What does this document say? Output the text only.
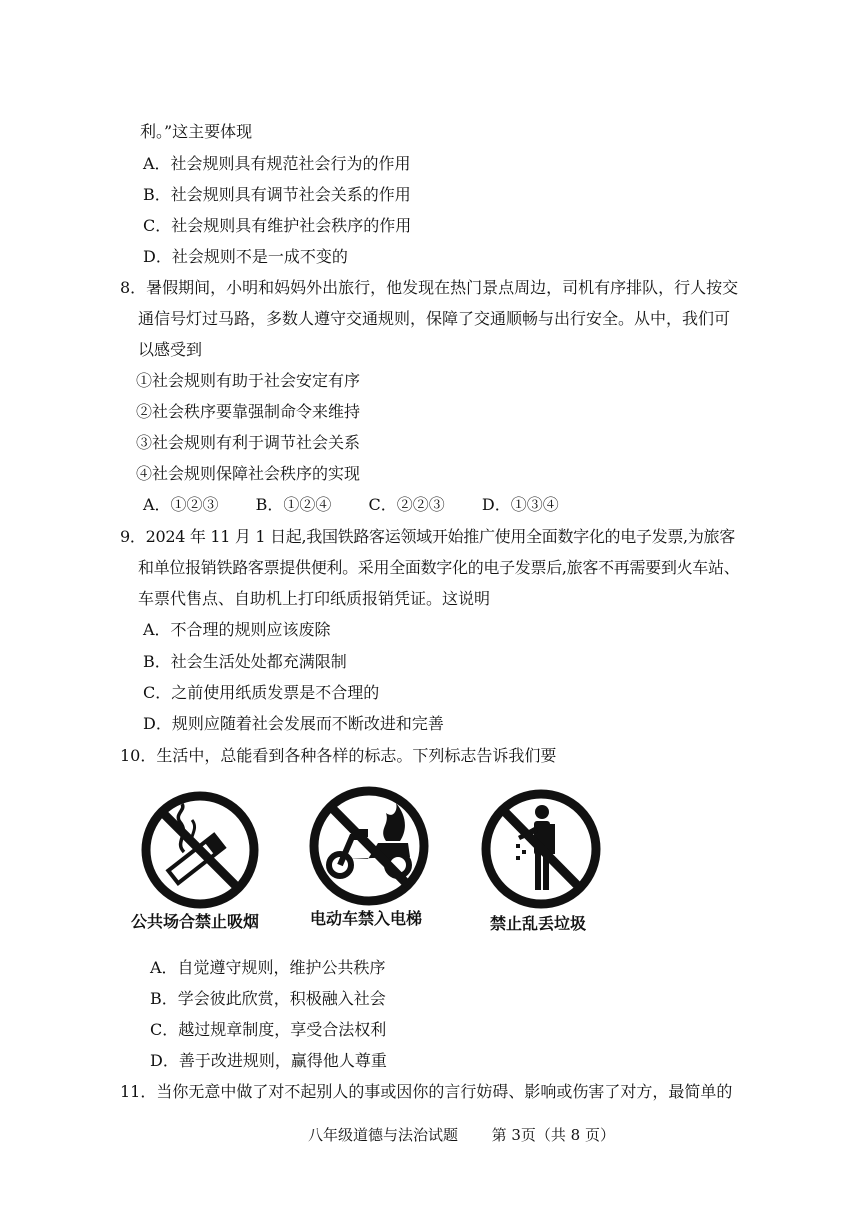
利。”这主要体现
A．社会规则具有规范社会行为的作用
B．社会规则具有调节社会关系的作用
C．社会规则具有维护社会秩序的作用
D．社会规则不是一成不变的
8．暑假期间，小明和妈妈外出旅行，他发现在热门景点周边，司机有序排队，行人按交
通信号灯过马路，多数人遵守交通规则，保障了交通顺畅与出行安全。从中，我们可
以感受到
①社会规则有助于社会安定有序
②社会秩序要靠强制命令来维持
③社会规则有利于调节社会关系
④社会规则保障社会秩序的实现
A．①②③ B．①②④ C．②②③ D．①③④
9．2024 年 11 月 1 日起,我国铁路客运领域开始推广使用全面数字化的电子发票,为旅客
和单位报销铁路客票提供便利。采用全面数字化的电子发票后,旅客不再需要到火车站、
车票代售点、自助机上打印纸质报销凭证。这说明
A．不合理的规则应该废除
B．社会生活处处都充满限制
C．之前使用纸质发票是不合理的
D．规则应随着社会发展而不断改进和完善
10．生活中，总能看到各种各样的标志。下列标志告诉我们要
公共场合禁止吸烟	电动车禁入电梯	禁止乱丢垃圾
A．自觉遵守规则，维护公共秩序
B．学会彼此欣赏，积极融入社会
C．越过规章制度，享受合法权利
D．善于改进规则，赢得他人尊重
11．当你无意中做了对不起别人的事或因你的言行妨碍、影响或伤害了对方，最简单的
八年级道德与法治试题 第 3页（共 8 页）
